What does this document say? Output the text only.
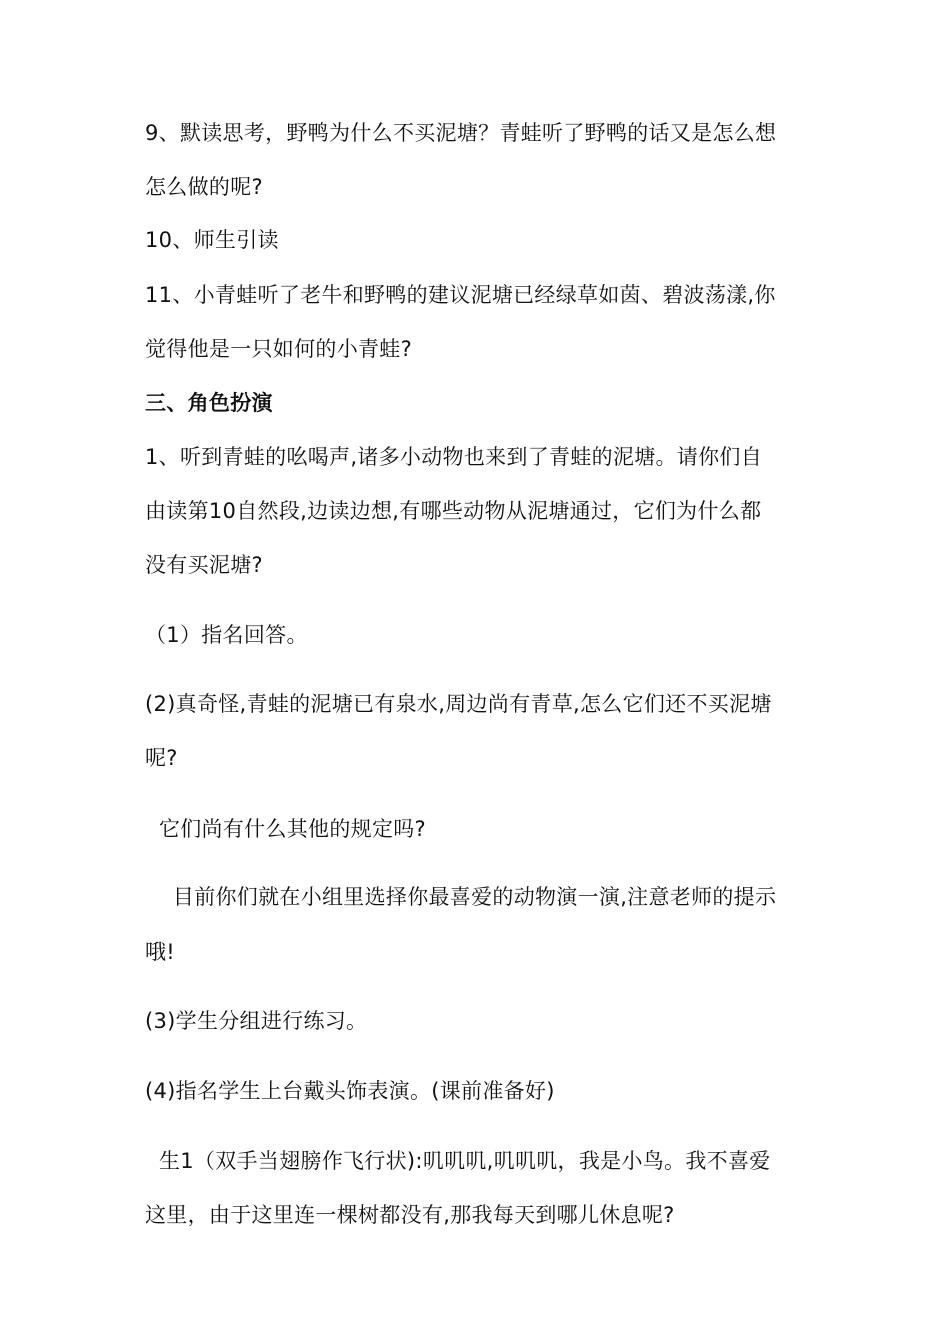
9、默读思考，野鸭为什么不买泥塘？青蛙听了野鸭的话又是怎么想
怎么做的呢?
10、师生引读
11、小青蛙听了老牛和野鸭的建议泥塘已经绿草如茵、碧波荡漾,你
觉得他是一只如何的小青蛙?
三、角色扮演
1、听到青蛙的吆喝声,诸多小动物也来到了青蛙的泥塘。请你们自
由读第10自然段,边读边想,有哪些动物从泥塘通过，它们为什么都
没有买泥塘?
（1）指名回答。
(2)真奇怪,青蛙的泥塘已有泉水,周边尚有青草,怎么它们还不买泥塘
呢?
它们尚有什么其他的规定吗?
目前你们就在小组里选择你最喜爱的动物演一演,注意老师的提示
哦!
(3)学生分组进行练习。
(4)指名学生上台戴头饰表演。(课前准备好)
生1（双手当翅膀作飞行状):叽叽叽,叽叽叽，我是小鸟。我不喜爱
这里，由于这里连一棵树都没有,那我每天到哪儿休息呢?
